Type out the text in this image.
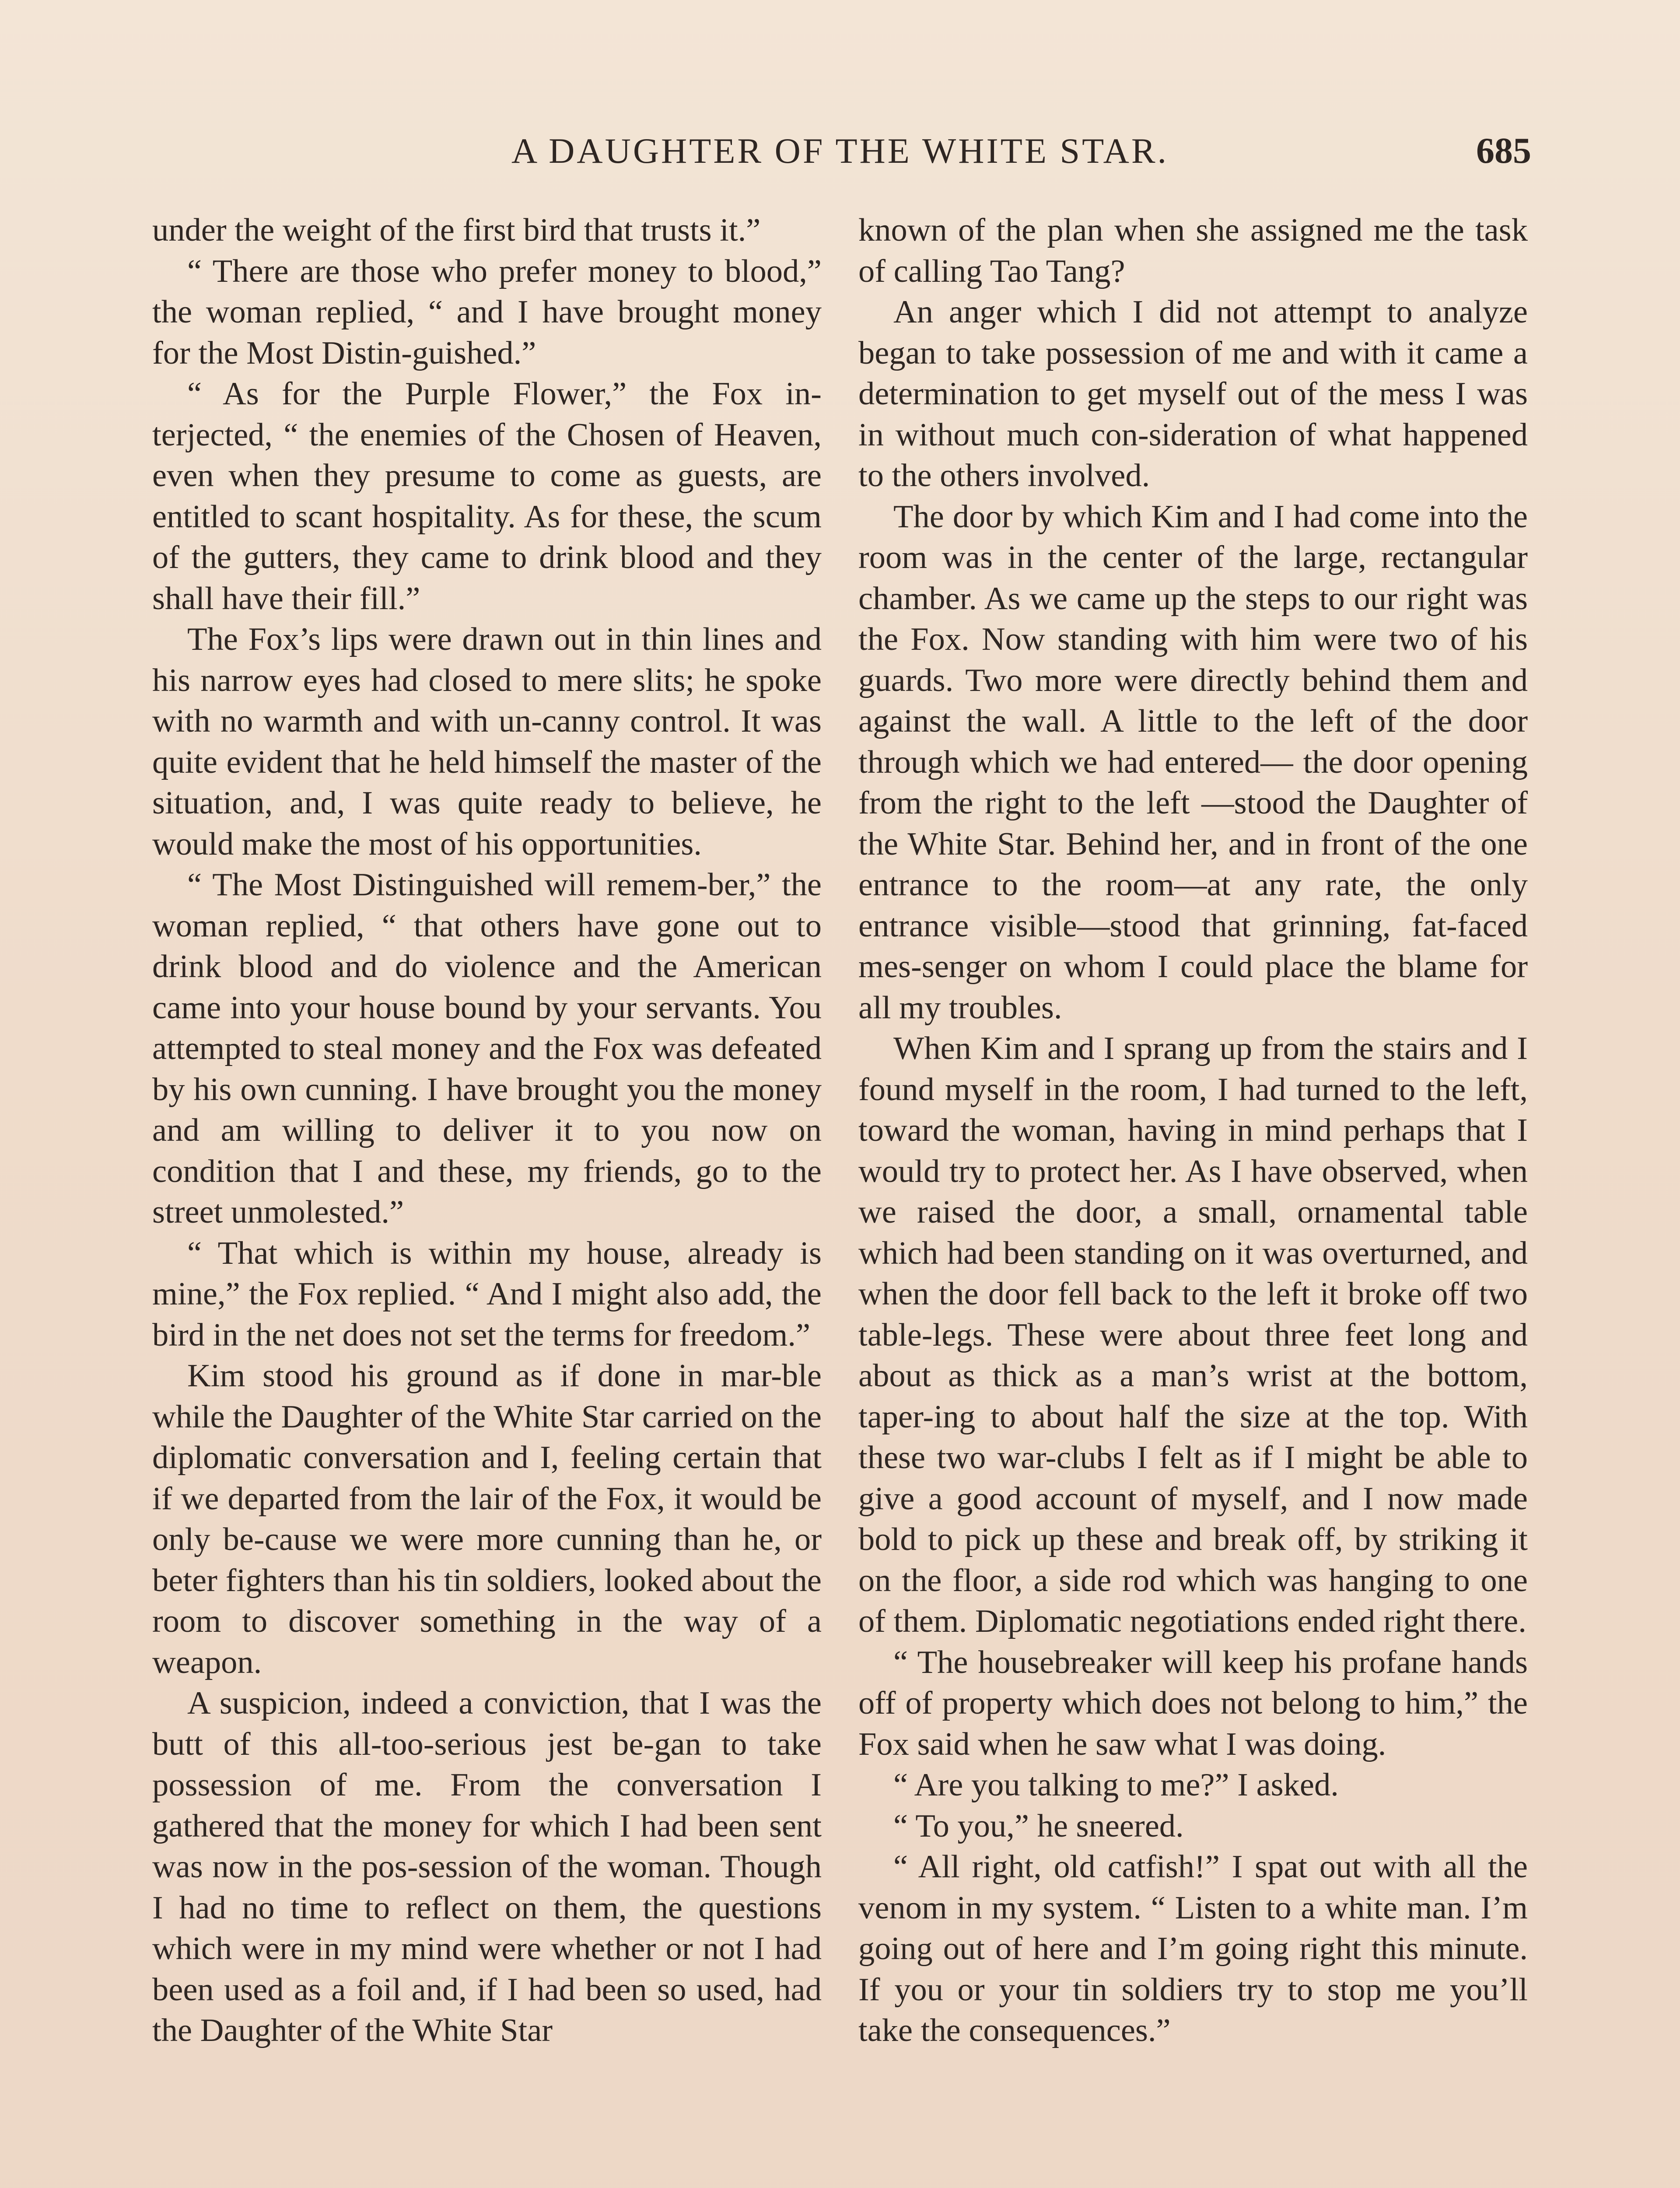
A DAUGHTER OF THE WHITE STAR.	685

under the weight of the first bird that trusts it.”

“ There are those who prefer money to blood,” the woman replied, “ and I have brought money for the Most Distin-guished.”

“ As for the Purple Flower,” the Fox in-terjected, “ the enemies of the Chosen of Heaven, even when they presume to come as guests, are entitled to scant hospitality. As for these, the scum of the gutters, they came to drink blood and they shall have their fill.”

The Fox’s lips were drawn out in thin lines and his narrow eyes had closed to mere slits; he spoke with no warmth and with un-canny control. It was quite evident that he held himself the master of the situation, and, I was quite ready to believe, he would make the most of his opportunities.

“ The Most Distinguished will remem-ber,” the woman replied, “ that others have gone out to drink blood and do violence and the American came into your house bound by your servants. You attempted to steal money and the Fox was defeated by his own cunning. I have brought you the money and am willing to deliver it to you now on condition that I and these, my friends, go to the street unmolested.”

“ That which is within my house, already is mine,” the Fox replied. “ And I might also add, the bird in the net does not set the terms for freedom.”

Kim stood his ground as if done in mar-ble while the Daughter of the White Star carried on the diplomatic conversation and I, feeling certain that if we departed from the lair of the Fox, it would be only be-cause we were more cunning than he, or beter fighters than his tin soldiers, looked about the room to discover something in the way of a weapon.

A suspicion, indeed a conviction, that I was the butt of this all-too-serious jest be-gan to take possession of me. From the conversation I gathered that the money for which I had been sent was now in the pos-session of the woman. Though I had no time to reflect on them, the questions which were in my mind were whether or not I had been used as a foil and, if I had been so used, had the Daughter of the White Star

known of the plan when she assigned me the task of calling Tao Tang?

An anger which I did not attempt to analyze began to take possession of me and with it came a determination to get myself out of the mess I was in without much con-sideration of what happened to the others involved.

The door by which Kim and I had come into the room was in the center of the large, rectangular chamber. As we came up the steps to our right was the Fox. Now standing with him were two of his guards. Two more were directly behind them and against the wall. A little to the left of the door through which we had entered— the door opening from the right to the left —stood the Daughter of the White Star. Behind her, and in front of the one entrance to the room—at any rate, the only entrance visible—stood that grinning, fat-faced mes-senger on whom I could place the blame for all my troubles.

When Kim and I sprang up from the stairs and I found myself in the room, I had turned to the left, toward the woman, having in mind perhaps that I would try to protect her. As I have observed, when we raised the door, a small, ornamental table which had been standing on it was overturned, and when the door fell back to the left it broke off two table-legs. These were about three feet long and about as thick as a man’s wrist at the bottom, taper-ing to about half the size at the top. With these two war-clubs I felt as if I might be able to give a good account of myself, and I now made bold to pick up these and break off, by striking it on the floor, a side rod which was hanging to one of them. Diplomatic negotiations ended right there.

“ The housebreaker will keep his profane hands off of property which does not belong to him,” the Fox said when he saw what I was doing.

“ Are you talking to me?” I asked.

“ To you,” he sneered.

“ All right, old catfish!” I spat out with all the venom in my system. “ Listen to a white man. I’m going out of here and I’m going right this minute. If you or your tin soldiers try to stop me you’ll take the consequences.”
